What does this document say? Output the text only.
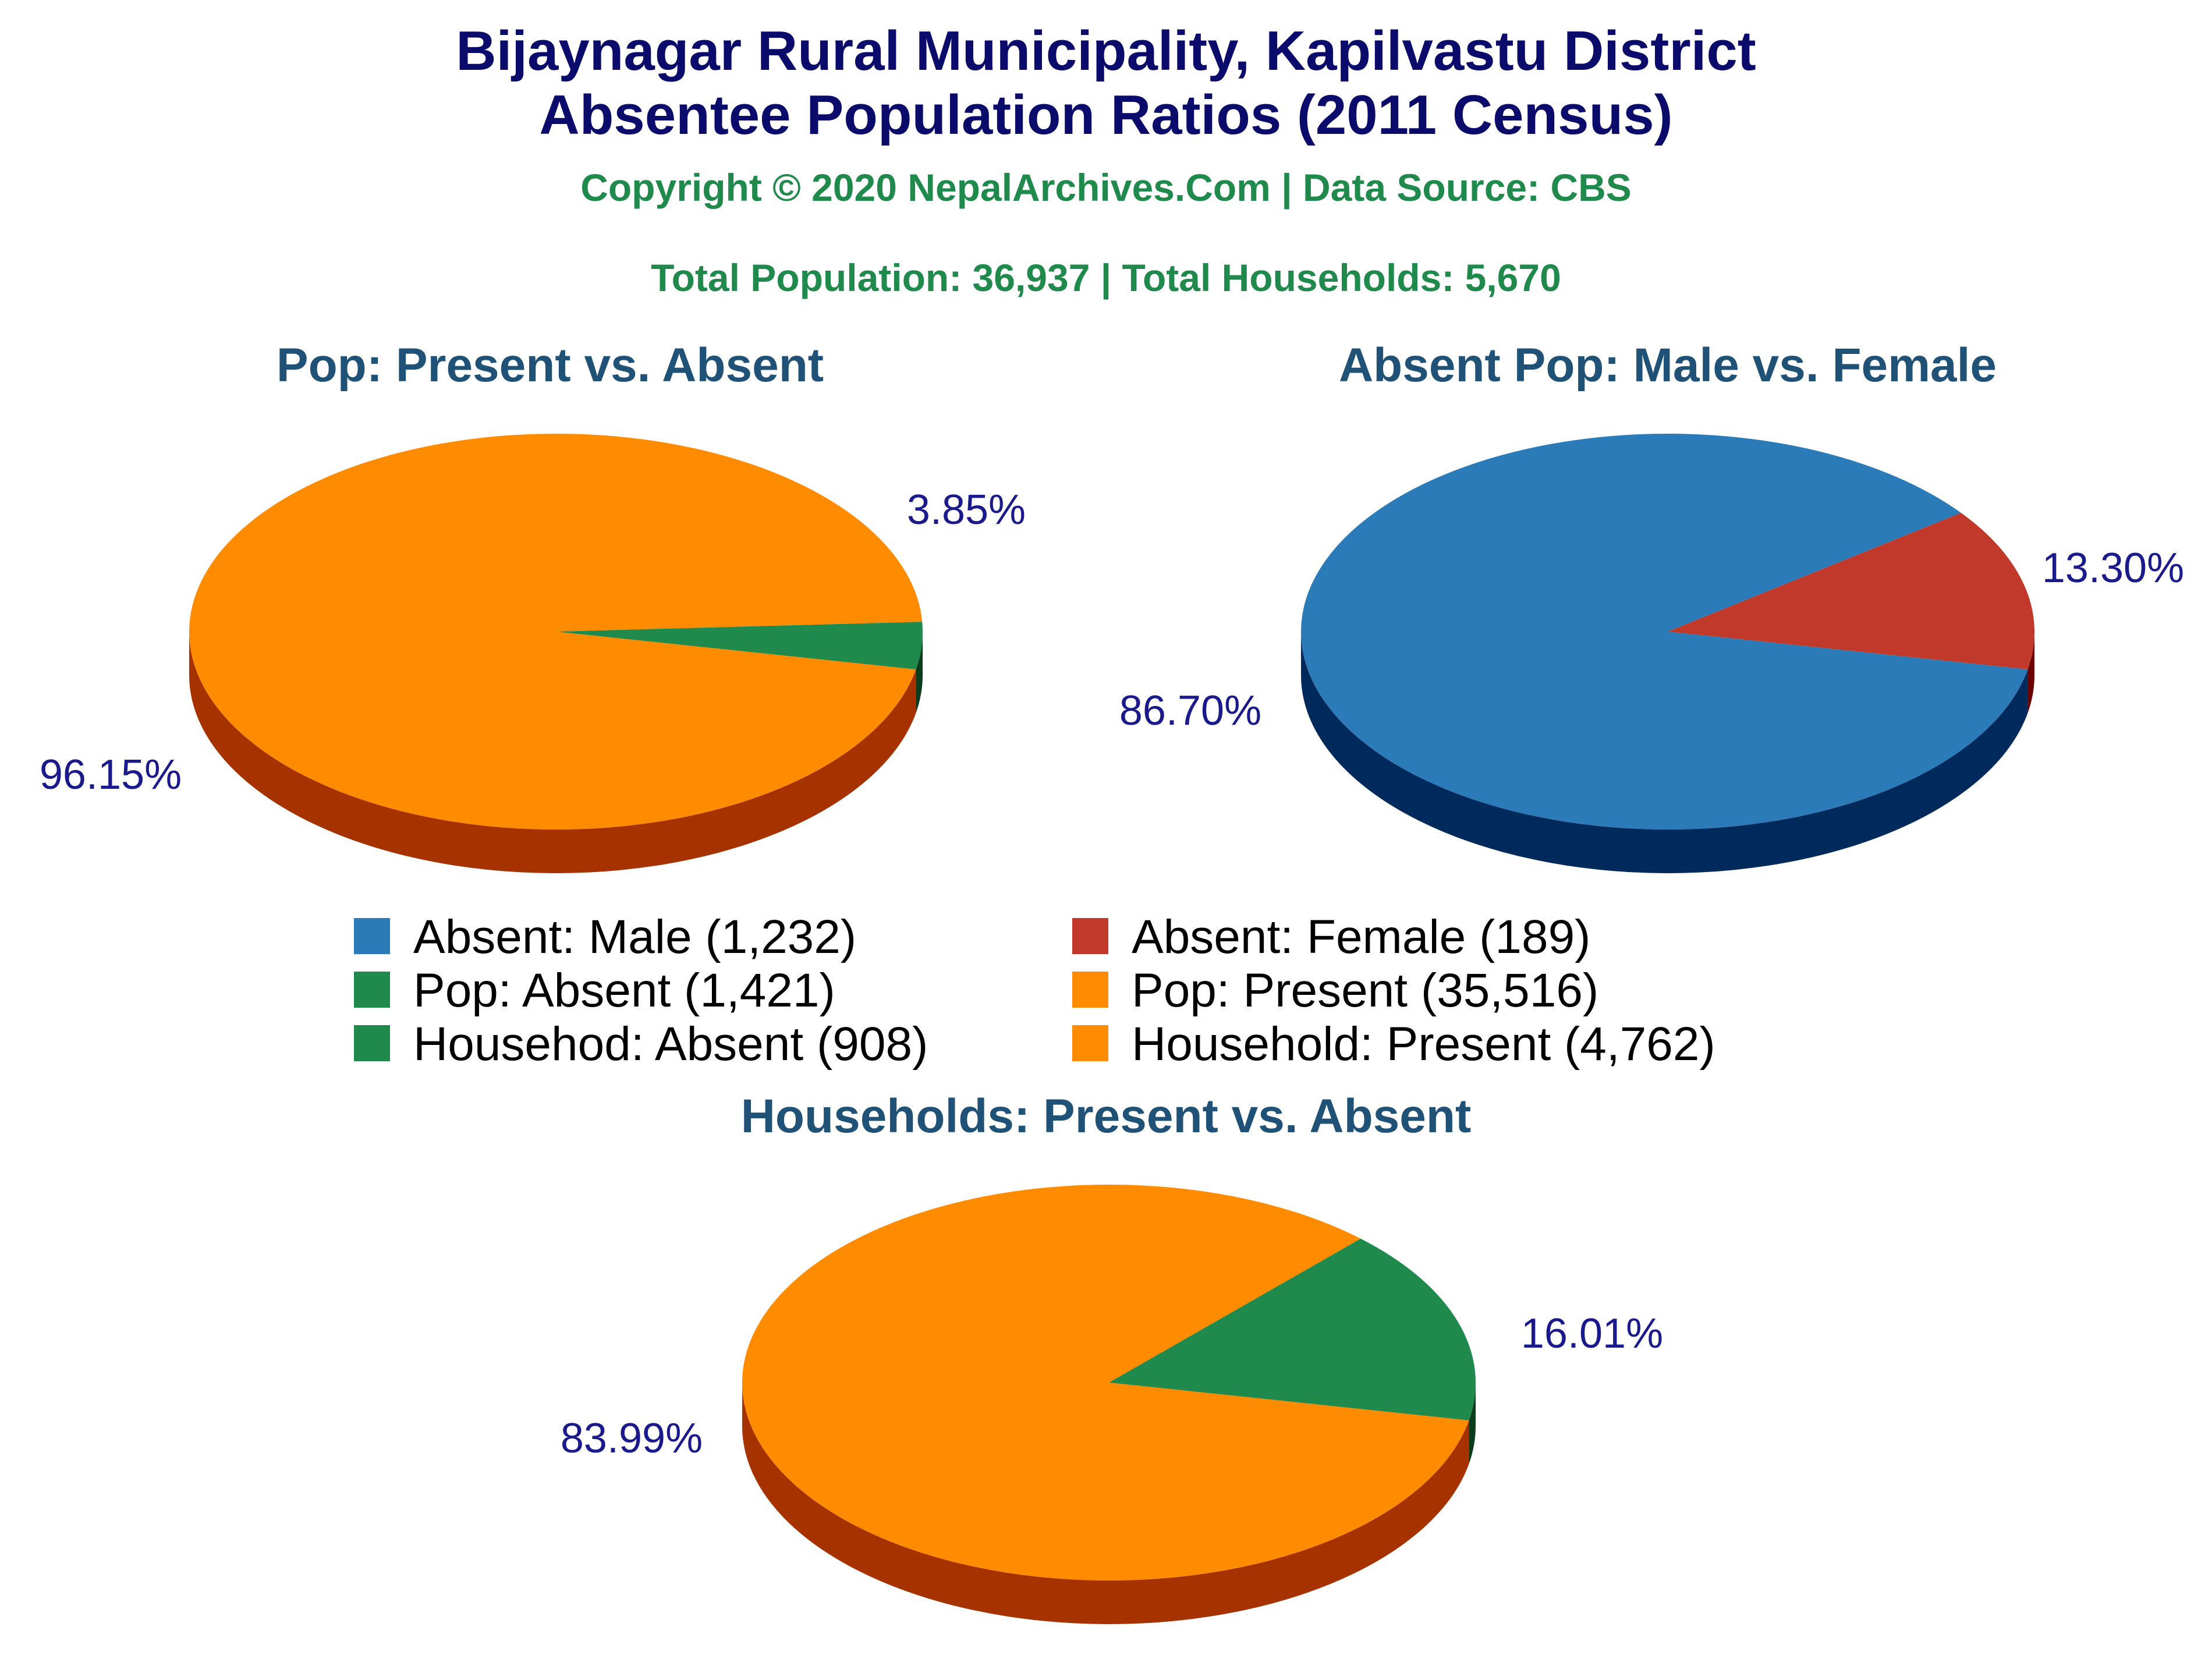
Bijaynagar Rural Municipality, Kapilvastu District
Absentee Population Ratios (2011 Census)
Copyright © 2020 NepalArchives.Com | Data Source: CBS
Total Population: 36,937 | Total Households: 5,670
Pop: Present vs. Absent	Absent Pop: Male vs. Female
Households: Present vs. Absent
96.15%
3.85%
86.70%
13.30%
83.99%
16.01%
Absent: Male (1,232)	Absent: Female (189)
Pop: Absent (1,421)	Pop: Present (35,516)
Househod: Absent (908)	Household: Present (4,762)
